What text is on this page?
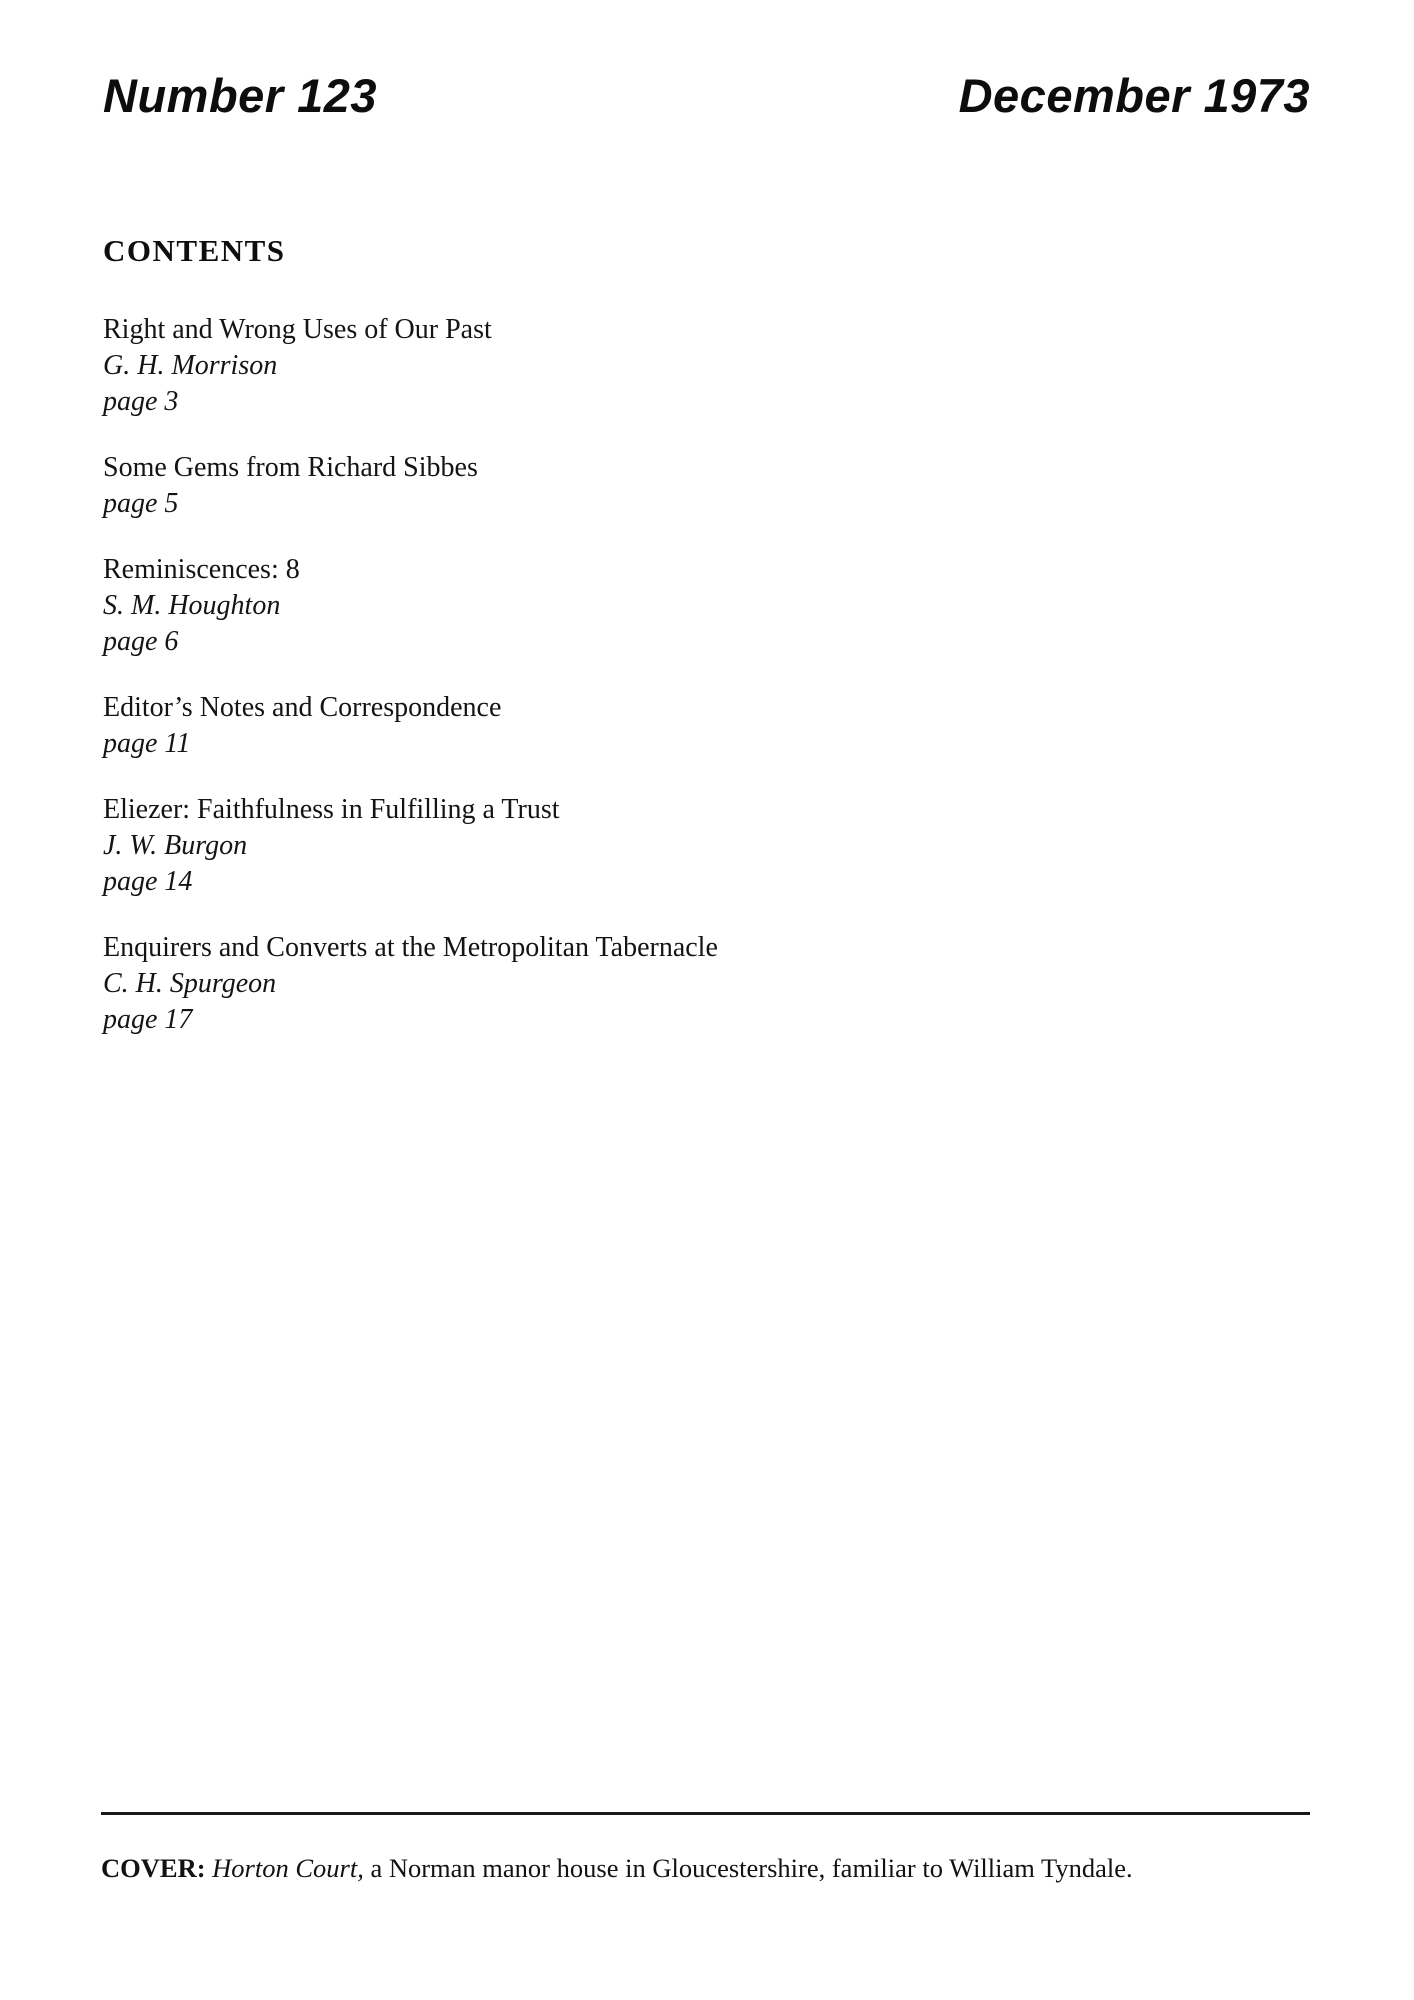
Number 123	December 1973
CONTENTS
Right and Wrong Uses of Our Past
G. H. Morrison
page 3
Some Gems from Richard Sibbes
page 5
Reminiscences: 8
S. M. Houghton
page 6
Editor’s Notes and Correspondence
page 11
Eliezer: Faithfulness in Fulfilling a Trust
J. W. Burgon
page 14
Enquirers and Converts at the Metropolitan Tabernacle
C. H. Spurgeon
page 17

COVER: Horton Court, a Norman manor house in Gloucestershire, familiar to William Tyndale.
